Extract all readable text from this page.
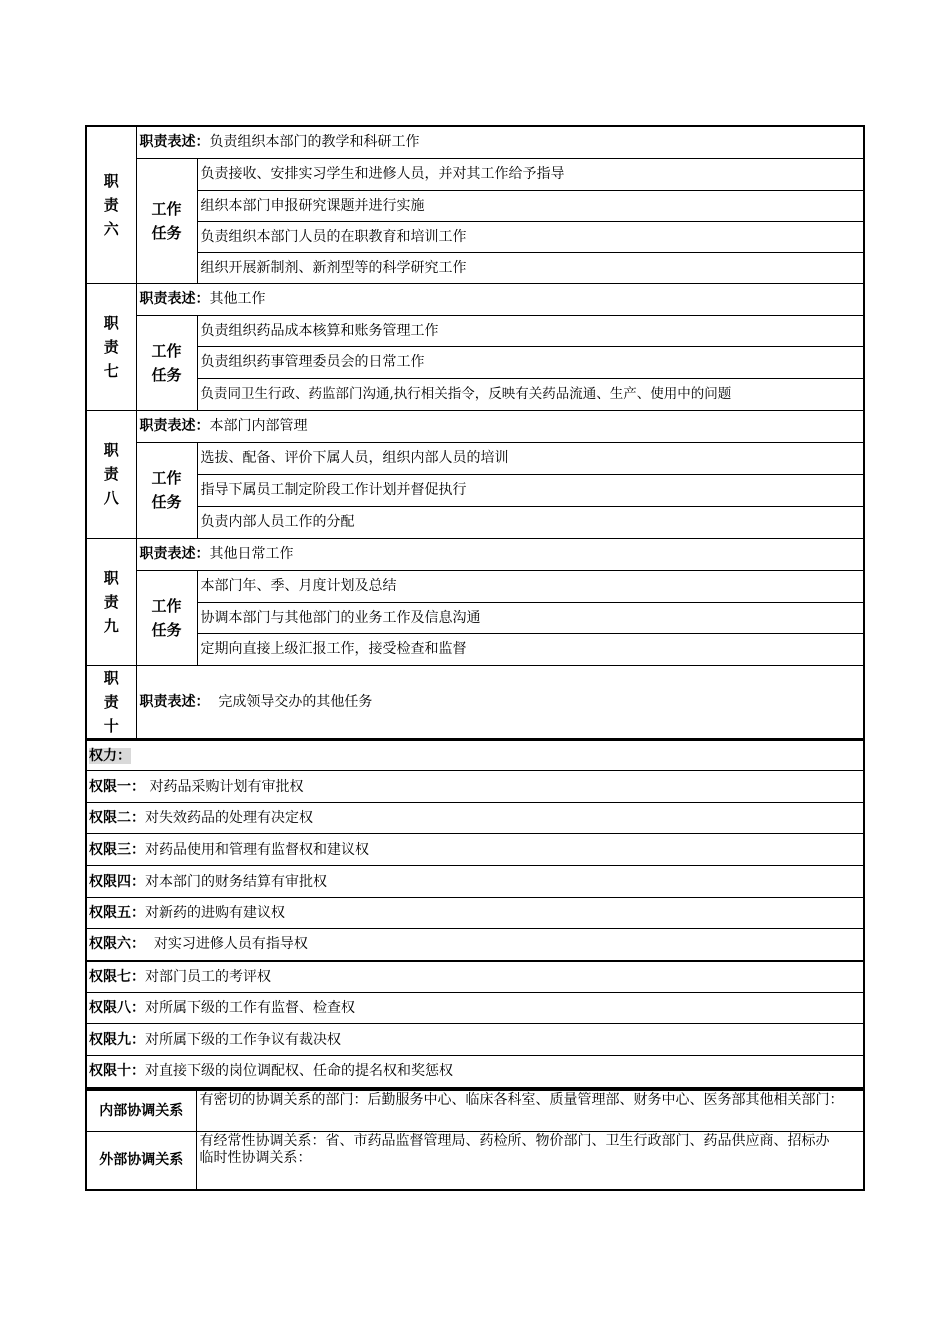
职
责
六	职责表述：负责组织本部门的教学和科研工作	
	工作
任务	负责接收、安排实习学生和进修人员，并对其工作给予指导
		组织本部门申报研究课题并进行实施
		负责组织本部门人员的在职教育和培训工作
		组织开展新制剂、新剂型等的科学研究工作
职
责
七	职责表述：其他工作	
	工作
任务	负责组织药品成本核算和账务管理工作
		负责组织药事管理委员会的日常工作
		负责同卫生行政、药监部门沟通,执行相关指令，反映有关药品流通、生产、使用中的问题
职
责
八	职责表述：本部门内部管理	
	工作
任务	选拔、配备、评价下属人员，组织内部人员的培训
		指导下属员工制定阶段工作计划并督促执行
		负责内部人员工作的分配
职
责
九	职责表述：其他日常工作	
	工作
任务	本部门年、季、月度计划及总结
		协调本部门与其他部门的业务工作及信息沟通
		定期向直接上级汇报工作，接受检查和监督
职
责
十	职责表述：  完成领导交办的其他任务	
权力：
权限一： 对药品采购计划有审批权
权限二：对失效药品的处理有决定权
权限三：对药品使用和管理有监督权和建议权
权限四：对本部门的财务结算有审批权
权限五：对新药的进购有建议权
权限六：  对实习进修人员有指导权
权限七：对部门员工的考评权
权限八：对所属下级的工作有监督、检查权
权限九：对所属下级的工作争议有裁决权
权限十：对直接下级的岗位调配权、任命的提名权和奖惩权
内部协调关系	有密切的协调关系的部门：后勤服务中心、临床各科室、质量管理部、财务中心、医务部其他相关部门：
外部协调关系	有经常性协调关系：省、市药品监督管理局、药检所、物价部门、卫生行政部门、药品供应商、招标办
临时性协调关系：
